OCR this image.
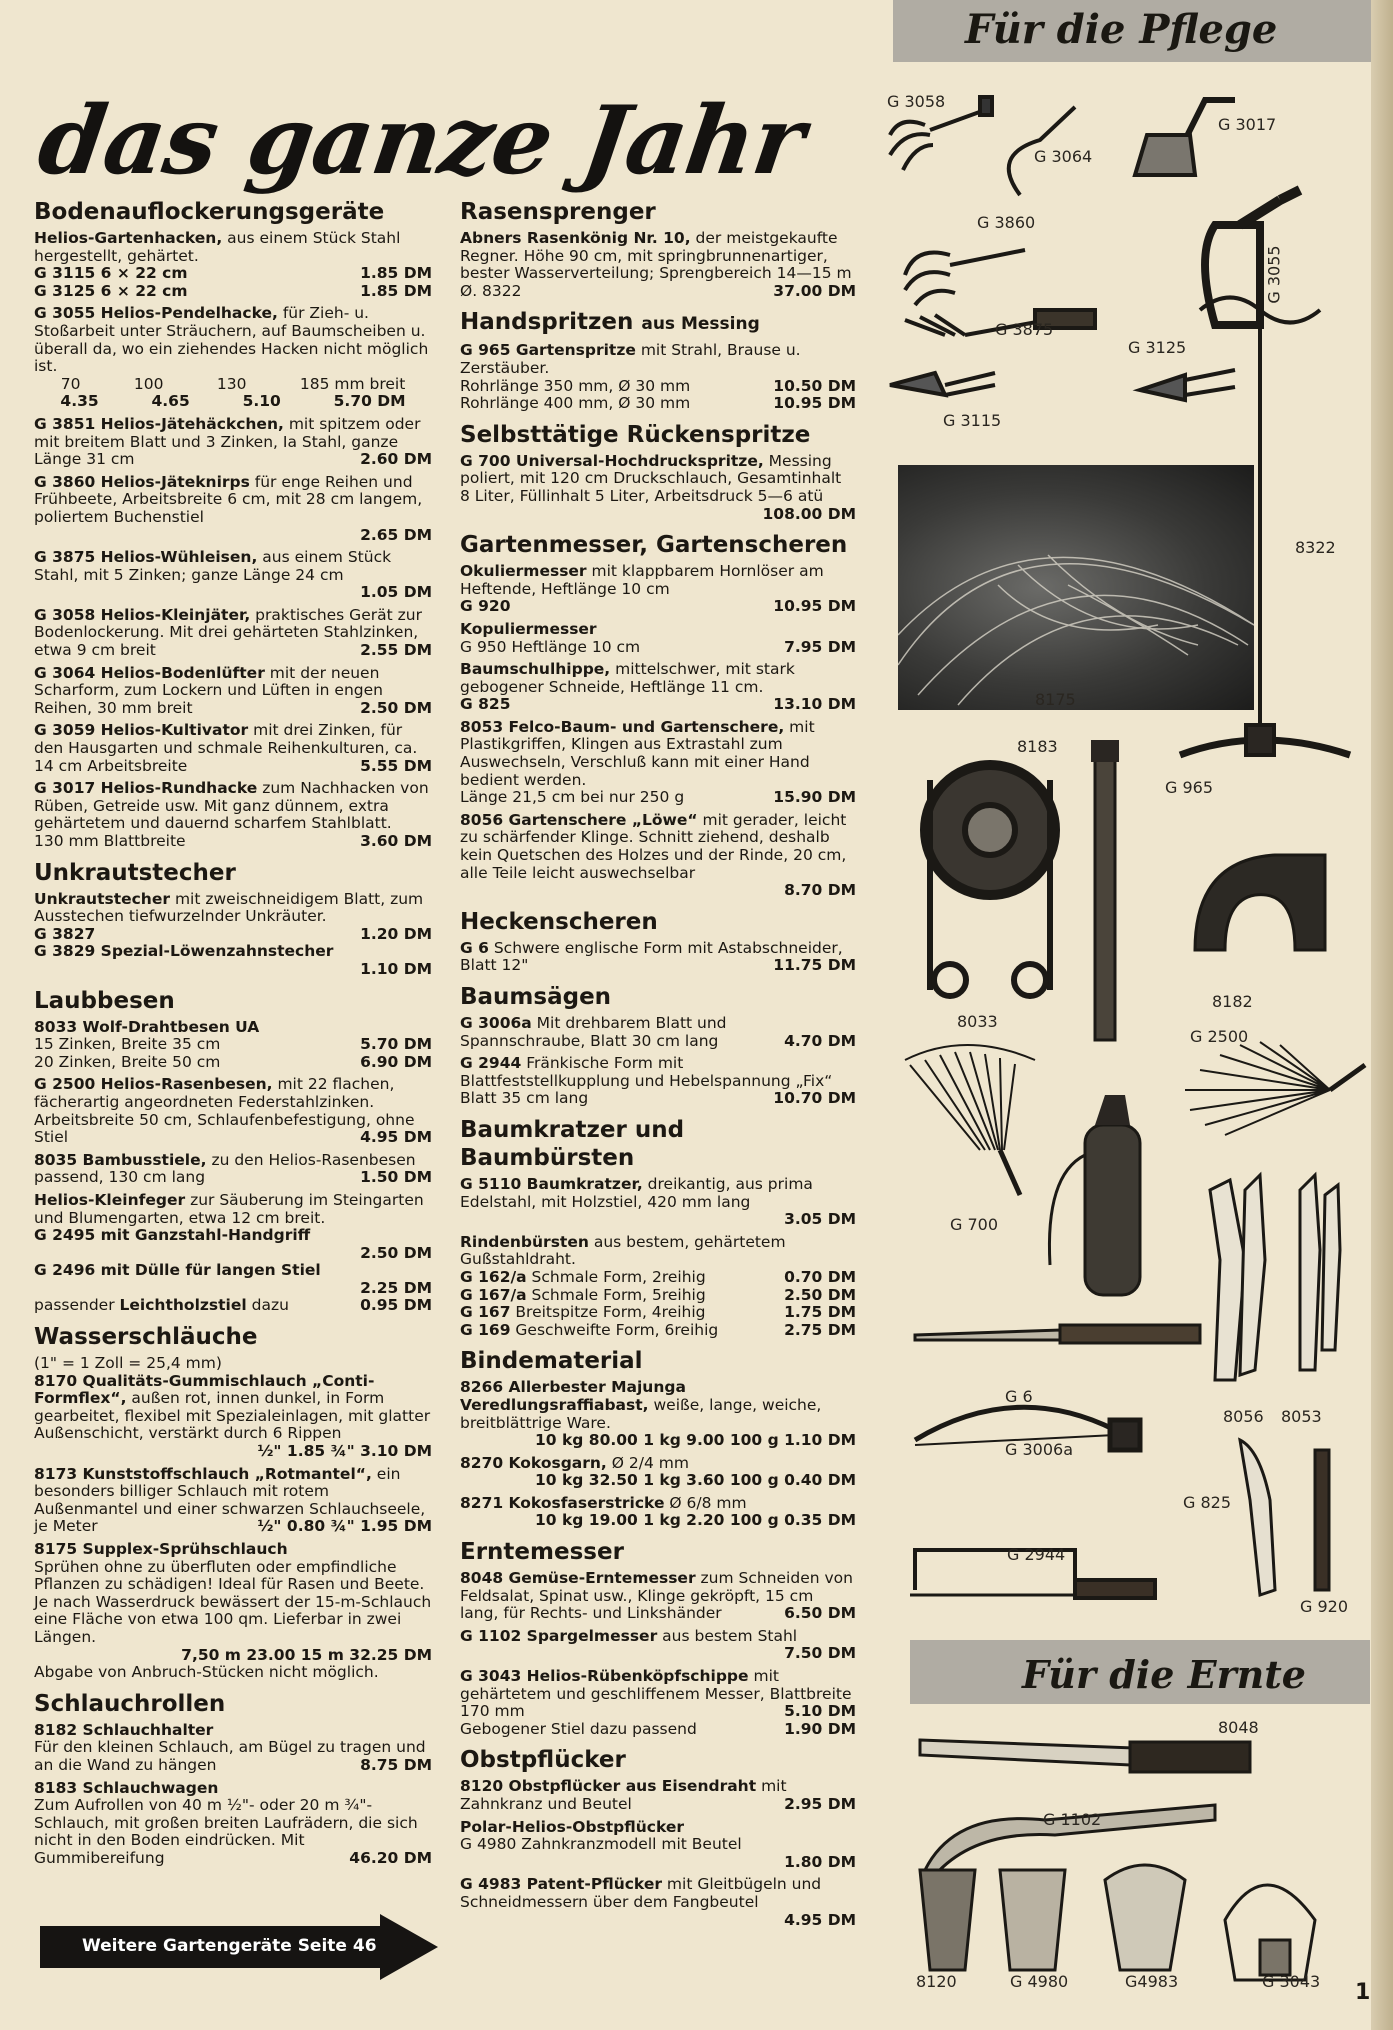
das ganze Jahr
Bodenauflockerungsgeräte
Helios-Gartenhacken, aus einem Stück Stahl hergestellt, gehärtet.
G 3115 6 × 22 cm	1.85 DM
G 3125 6 × 22 cm	1.85 DM
G 3055 Helios-Pendelhacke, für Zieh- u. Stoßarbeit unter Sträuchern, auf Baumscheiben u. überall da, wo ein ziehendes Hacken nicht möglich ist.
70	100	130	185 mm breit
4.35	4.65	5.10	5.70 DM
G 3851 Helios-Jätehäckchen, mit spitzem oder mit breitem Blatt und 3 Zinken, Ia Stahl, ganze Länge 31 cm	2.60 DM
G 3860 Helios-Jäteknirps für enge Reihen und Frühbeete, Arbeitsbreite 6 cm, mit 28 cm langem, poliertem Buchenstiel
2.65 DM
G 3875 Helios-Wühleisen, aus einem Stück Stahl, mit 5 Zinken; ganze Länge 24 cm
1.05 DM
G 3058 Helios-Kleinjäter, praktisches Gerät zur Bodenlockerung. Mit drei gehärteten Stahlzinken, etwa 9 cm breit	2.55 DM
G 3064 Helios-Bodenlüfter mit der neuen Scharform, zum Lockern und Lüften in engen Reihen, 30 mm breit	2.50 DM
G 3059 Helios-Kultivator mit drei Zinken, für den Hausgarten und schmale Reihenkulturen, ca. 14 cm Arbeitsbreite	5.55 DM
G 3017 Helios-Rundhacke zum Nachhacken von Rüben, Getreide usw. Mit ganz dünnem, extra gehärtetem und dauernd scharfem Stahlblatt.
130 mm Blattbreite	3.60 DM
Unkrautstecher
Unkrautstecher mit zweischneidigem Blatt, zum Ausstechen tiefwurzelnder Unkräuter.
G 3827	1.20 DM
G 3829 Spezial-Löwenzahnstecher
1.10 DM
Laubbesen
8033 Wolf-Drahtbesen UA
15 Zinken, Breite 35 cm	5.70 DM
20 Zinken, Breite 50 cm	6.90 DM
G 2500 Helios-Rasenbesen, mit 22 flachen, fächerartig angeordneten Federstahlzinken. Arbeitsbreite 50 cm, Schlaufenbefestigung, ohne Stiel	4.95 DM
8035 Bambusstiele, zu den Helios-Rasenbesen passend, 130 cm lang	1.50 DM
Helios-Kleinfeger zur Säuberung im Steingarten und Blumengarten, etwa 12 cm breit.
G 2495 mit Ganzstahl-Handgriff
2.50 DM
G 2496 mit Dülle für langen Stiel
2.25 DM
passender Leichtholzstiel dazu	0.95 DM
Wasserschläuche
(1" = 1 Zoll = 25,4 mm)
8170 Qualitäts-Gummischlauch „Conti-Formflex“, außen rot, innen dunkel, in Form gearbeitet, flexibel mit Spezialeinlagen, mit glatter Außenschicht, verstärkt durch 6 Rippen
½" 1.85 ¾" 3.10 DM
8173 Kunststoffschlauch „Rotmantel“, ein besonders billiger Schlauch mit rotem Außenmantel und einer schwarzen Schlauchseele, je Meter	½" 0.80 ¾" 1.95 DM
8175 Supplex-Sprühschlauch
Sprühen ohne zu überfluten oder empfindliche Pflanzen zu schädigen! Ideal für Rasen und Beete. Je nach Wasserdruck bewässert der 15-m-Schlauch eine Fläche von etwa 100 qm. Lieferbar in zwei Längen.
7,50 m 23.00 15 m 32.25 DM
Abgabe von Anbruch-Stücken nicht möglich.
Schlauchrollen
8182 Schlauchhalter
Für den kleinen Schlauch, am Bügel zu tragen und an die Wand zu hängen	8.75 DM
8183 Schlauchwagen
Zum Aufrollen von 40 m ½"- oder 20 m ¾"-Schlauch, mit großen breiten Laufrädern, die sich nicht in den Boden eindrücken. Mit Gummibereifung	46.20 DM
Weitere Gartengeräte Seite 46
Rasensprenger
Abners Rasenkönig Nr. 10, der meistgekaufte Regner. Höhe 90 cm, mit springbrunnenartiger, bester Wasserverteilung; Sprengbereich 14—15 m Ø. 8322	37.00 DM
Handspritzen aus Messing
G 965 Gartenspritze mit Strahl, Brause u. Zerstäuber.
Rohrlänge 350 mm, Ø 30 mm	10.50 DM
Rohrlänge 400 mm, Ø 30 mm	10.95 DM
Selbsttätige Rückenspritze
G 700 Universal-Hochdruckspritze, Messing poliert, mit 120 cm Druckschlauch, Gesamtinhalt 8 Liter, Füllinhalt 5 Liter, Arbeitsdruck 5—6 atü
108.00 DM
Gartenmesser, Gartenscheren
Okuliermesser mit klappbarem Hornlöser am Heftende, Heftlänge 10 cm
G 920	10.95 DM
Kopuliermesser
G 950 Heftlänge 10 cm	7.95 DM
Baumschulhippe, mittelschwer, mit stark gebogener Schneide, Heftlänge 11 cm.
G 825	13.10 DM
8053 Felco-Baum- und Gartenschere, mit Plastikgriffen, Klingen aus Extrastahl zum Auswechseln, Verschluß kann mit einer Hand bedient werden.
Länge 21,5 cm bei nur 250 g	15.90 DM
8056 Gartenschere „Löwe“ mit gerader, leicht zu schärfender Klinge. Schnitt ziehend, deshalb kein Quetschen des Holzes und der Rinde, 20 cm, alle Teile leicht auswechselbar
8.70 DM
Heckenscheren
G 6 Schwere englische Form mit Astabschneider, Blatt 12"	11.75 DM
Baumsägen
G 3006a Mit drehbarem Blatt und Spannschraube, Blatt 30 cm lang	4.70 DM
G 2944 Fränkische Form mit Blattfeststellkupplung und Hebelspannung „Fix“
Blatt 35 cm lang	10.70 DM
Baumkratzer und Baumbürsten
G 5110 Baumkratzer, dreikantig, aus prima Edelstahl, mit Holzstiel, 420 mm lang
3.05 DM
Rindenbürsten aus bestem, gehärtetem Gußstahldraht.
G 162/a Schmale Form, 2reihig	0.70 DM
G 167/a Schmale Form, 5reihig	2.50 DM
G 167 Breitspitze Form, 4reihig	1.75 DM
G 169 Geschweifte Form, 6reihig	2.75 DM
Bindematerial
8266 Allerbester Majunga Veredlungsraffiabast, weiße, lange, weiche, breitblättrige Ware.
10 kg 80.00 1 kg 9.00 100 g 1.10 DM
8270 Kokosgarn, Ø 2/4 mm
10 kg 32.50 1 kg 3.60 100 g 0.40 DM
8271 Kokosfaserstricke Ø 6/8 mm
10 kg 19.00 1 kg 2.20 100 g 0.35 DM
Erntemesser
8048 Gemüse-Erntemesser zum Schneiden von Feldsalat, Spinat usw., Klinge gekröpft, 15 cm lang, für Rechts- und Linkshänder	6.50 DM
G 1102 Spargelmesser aus bestem Stahl
7.50 DM
G 3043 Helios-Rübenköpfschippe mit gehärtetem und geschliffenem Messer, Blattbreite 170 mm	5.10 DM
Gebogener Stiel dazu passend	1.90 DM
Obstpflücker
8120 Obstpflücker aus Eisendraht mit Zahnkranz und Beutel	2.95 DM
Polar-Helios-Obstpflücker
G 4980 Zahnkranzmodell mit Beutel
1.80 DM
G 4983 Patent-Pflücker mit Gleitbügeln und Schneidmessern über dem Fangbeutel
4.95 DM
Für die Pflege
Für die Ernte
G 3058
G 3064
G 3017
G 3860
G 3055
G 3875
G 3125
G 3115
8322
8175
8183
G 965
8182
8033
G 2500
G 700
G 6
8056 8053
G 3006a
G 825
G 2944
G 920
8048
G 1102
8120	G 4980	G4983	G 3043 1
